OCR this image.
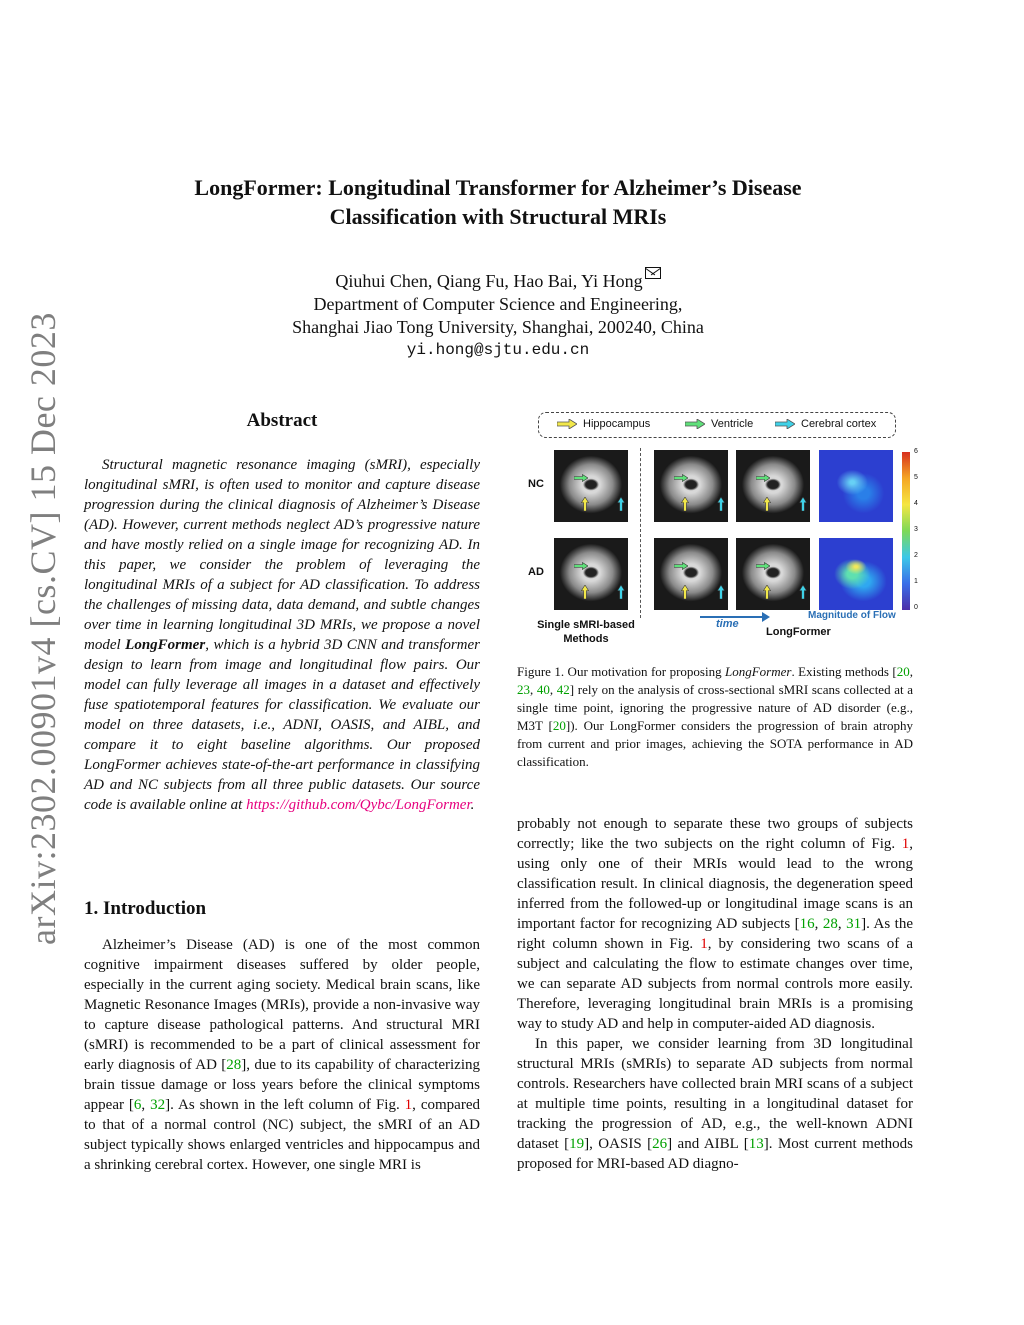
arXiv:2302.00901v4 [cs.CV] 15 Dec 2023
LongFormer: Longitudinal Transformer for Alzheimer’s Disease
Classification with Structural MRIs
Qiuhui Chen, Qiang Fu, Hao Bai, Yi Hong
Department of Computer Science and Engineering,
Shanghai Jiao Tong University, Shanghai, 200240, China
yi.hong@sjtu.edu.cn
Abstract

Structural magnetic resonance imaging (sMRI), especially longitudinal sMRI, is often used to monitor and capture disease progression during the clinical diagnosis of Alzheimer’s Disease (AD). However, current methods neglect AD’s progressive nature and have mostly relied on a single image for recognizing AD. In this paper, we consider the problem of leveraging the longitudinal MRIs of a subject for AD classification. To address the challenges of missing data, data demand, and subtle changes over time in learning longitudinal 3D MRIs, we propose a novel model LongFormer, which is a hybrid 3D CNN and transformer design to learn from image and longitudinal flow pairs. Our model can fully leverage all images in a dataset and effectively fuse spatiotemporal features for classification. We evaluate our model on three datasets, i.e., ADNI, OASIS, and AIBL, and compare it to eight baseline algorithms. Our proposed LongFormer achieves state-of-the-art performance in classifying AD and NC subjects from all three public datasets. Our source code is available online at https://github.com/Qybc/LongFormer.

1. Introduction

Alzheimer’s Disease (AD) is one of the most common cognitive impairment diseases suffered by older people, especially in the current aging society. Medical brain scans, like Magnetic Resonance Images (MRIs), provide a non-invasive way to capture disease pathological patterns. And structural MRI (sMRI) is recommended to be a part of clinical assessment for early diagnosis of AD [28], due to its capability of characterizing brain tissue damage or loss years before the clinical symptoms appear [6, 32]. As shown in the left column of Fig. 1, compared to that of a normal control (NC) subject, the sMRI of an AD subject typically shows enlarged ventricles and hippocampus and a shrinking cerebral cortex. However, one single MRI is

Hippocampus	Ventricle	Cerebral cortex
NC
AD
6
5
4
3
2
1
0
Single sMRI-based
Methods
time
LongFormer
Magnitude of Flow
Figure 1. Our motivation for proposing LongFormer. Existing methods [20, 23, 40, 42] rely on the analysis of cross-sectional sMRI scans collected at a single time point, ignoring the progressive nature of AD disorder (e.g., M3T [20]). Our LongFormer considers the progression of brain atrophy from current and prior images, achieving the SOTA performance in AD classification.

probably not enough to separate these two groups of subjects correctly; like the two subjects on the right column of Fig. 1, using only one of their MRIs would lead to the wrong classification result. In clinical diagnosis, the degeneration speed inferred from the followed-up or longitudinal image scans is an important factor for recognizing AD subjects [16, 28, 31]. As the right column shown in Fig. 1, by considering two scans of a subject and calculating the flow to estimate changes over time, we can separate AD subjects from normal controls more easily. Therefore, leveraging longitudinal brain MRIs is a promising way to study AD and help in computer-aided AD diagnosis.

In this paper, we consider learning from 3D longitudinal structural MRIs (sMRIs) to separate AD subjects from normal controls. Researchers have collected brain MRI scans of a subject at multiple time points, resulting in a longitudinal dataset for tracking the progression of AD, e.g., the well-known ADNI dataset [19], OASIS [26] and AIBL [13]. Most current methods proposed for MRI-based AD diagno-
